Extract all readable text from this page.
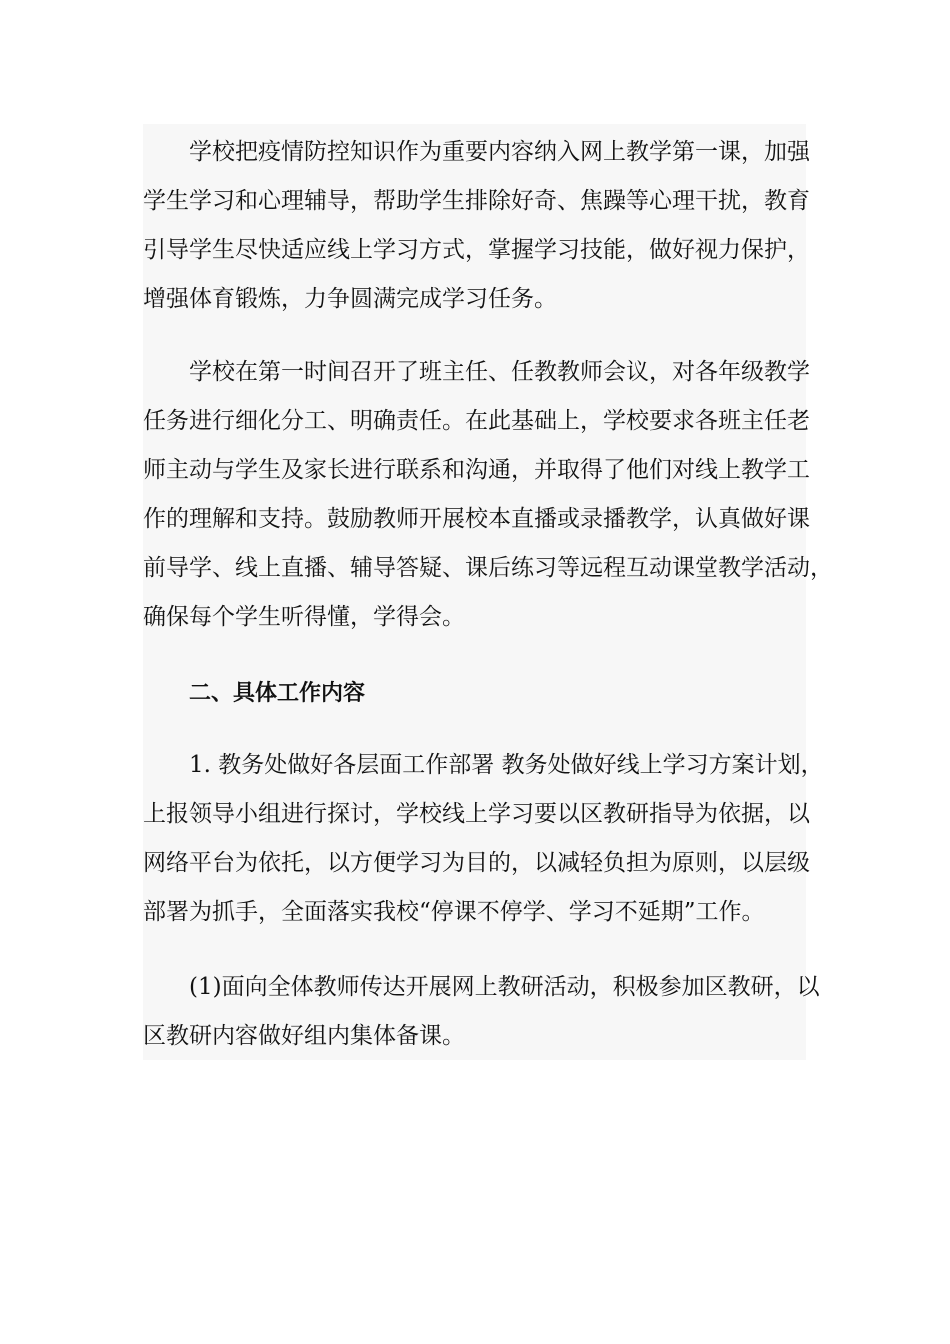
学校把疫情防控知识作为重要内容纳入网上教学第一课，加强
学生学习和心理辅导，帮助学生排除好奇、焦躁等心理干扰，教育
引导学生尽快适应线上学习方式，掌握学习技能，做好视力保护，
增强体育锻炼，力争圆满完成学习任务。
学校在第一时间召开了班主任、任教教师会议，对各年级教学
任务进行细化分工、明确责任。在此基础上，学校要求各班主任老
师主动与学生及家长进行联系和沟通，并取得了他们对线上教学工
作的理解和支持。鼓励教师开展校本直播或录播教学，认真做好课
前导学、线上直播、辅导答疑、课后练习等远程互动课堂教学活动，
确保每个学生听得懂，学得会。
二、具体工作内容
1. 教务处做好各层面工作部署 教务处做好线上学习方案计划，
上报领导小组进行探讨，学校线上学习要以区教研指导为依据，以
网络平台为依托，以方便学习为目的，以减轻负担为原则，以层级
部署为抓手，全面落实我校“停课不停学、学习不延期”工作。
(1)面向全体教师传达开展网上教研活动，积极参加区教研，以
区教研内容做好组内集体备课。
